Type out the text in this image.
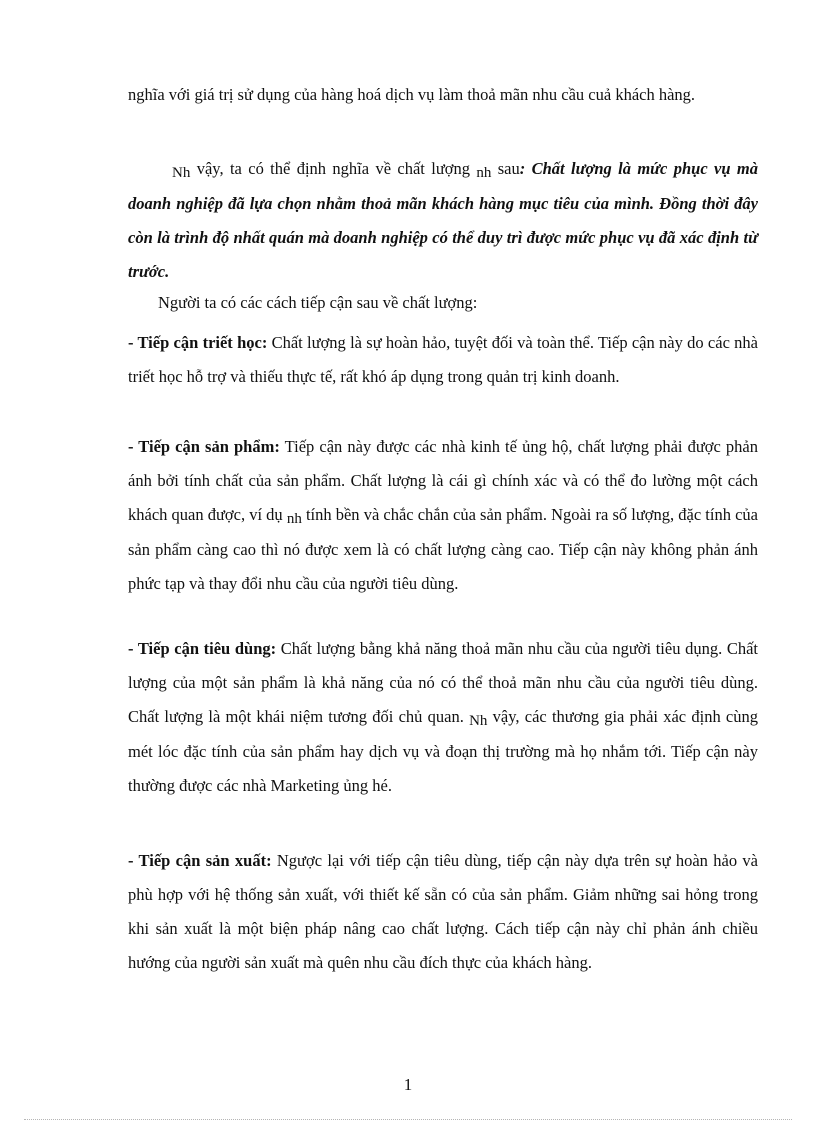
nghĩa với giá trị sử dụng của hàng hoá dịch vụ làm thoả mãn nhu cầu cuả khách hàng.

Nh vậy, ta có thể định nghĩa về chất lượng nh sau: Chất lượng là mức phục vụ mà doanh nghiệp đã lựa chọn nhằm thoả mãn khách hàng mục tiêu của mình. Đồng thời đây còn là trình độ nhất quán mà doanh nghiệp có thể duy trì được mức phục vụ đã xác định từ trước.

Người ta có các cách tiếp cận sau về chất lượng:

- Tiếp cận triết học: Chất lượng là sự hoàn hảo, tuyệt đối và toàn thể. Tiếp cận này do các nhà triết học hỗ trợ và thiếu thực tế, rất khó áp dụng trong quản trị kinh doanh.

- Tiếp cận sản phẩm: Tiếp cận này được các nhà kinh tế ủng hộ, chất lượng phải được phản ánh bởi tính chất của sản phẩm. Chất lượng là cái gì chính xác và có thể đo lường một cách khách quan được, ví dụ nh tính bền và chắc chắn của sản phẩm. Ngoài ra số lượng, đặc tính của sản phẩm càng cao thì nó được xem là có chất lượng càng cao. Tiếp cận này không phản ánh phức tạp và thay đổi nhu cầu của người tiêu dùng.

- Tiếp cận tiêu dùng: Chất lượng bằng khả năng thoả mãn nhu cầu của người tiêu dụng. Chất lượng của một sản phẩm là khả năng của nó có thể thoả mãn nhu cầu của người tiêu dùng. Chất lượng là một khái niệm tương đối chủ quan. Nh vậy, các thương gia phải xác định cùng mét lóc đặc tính của sản phẩm hay dịch vụ và đoạn thị trường mà họ nhắm tới. Tiếp cận này thường được các nhà Marketing ủng hé.

- Tiếp cận sản xuất: Ngược lại với tiếp cận tiêu dùng, tiếp cận này dựa trên sự hoàn hảo và phù hợp với hệ thống sản xuất, với thiết kế sẵn có của sản phẩm. Giảm những sai hỏng trong khi sản xuất là một biện pháp nâng cao chất lượng. Cách tiếp cận này chỉ phản ánh chiều hướng của người sản xuất mà quên nhu cầu đích thực của khách hàng.

1
